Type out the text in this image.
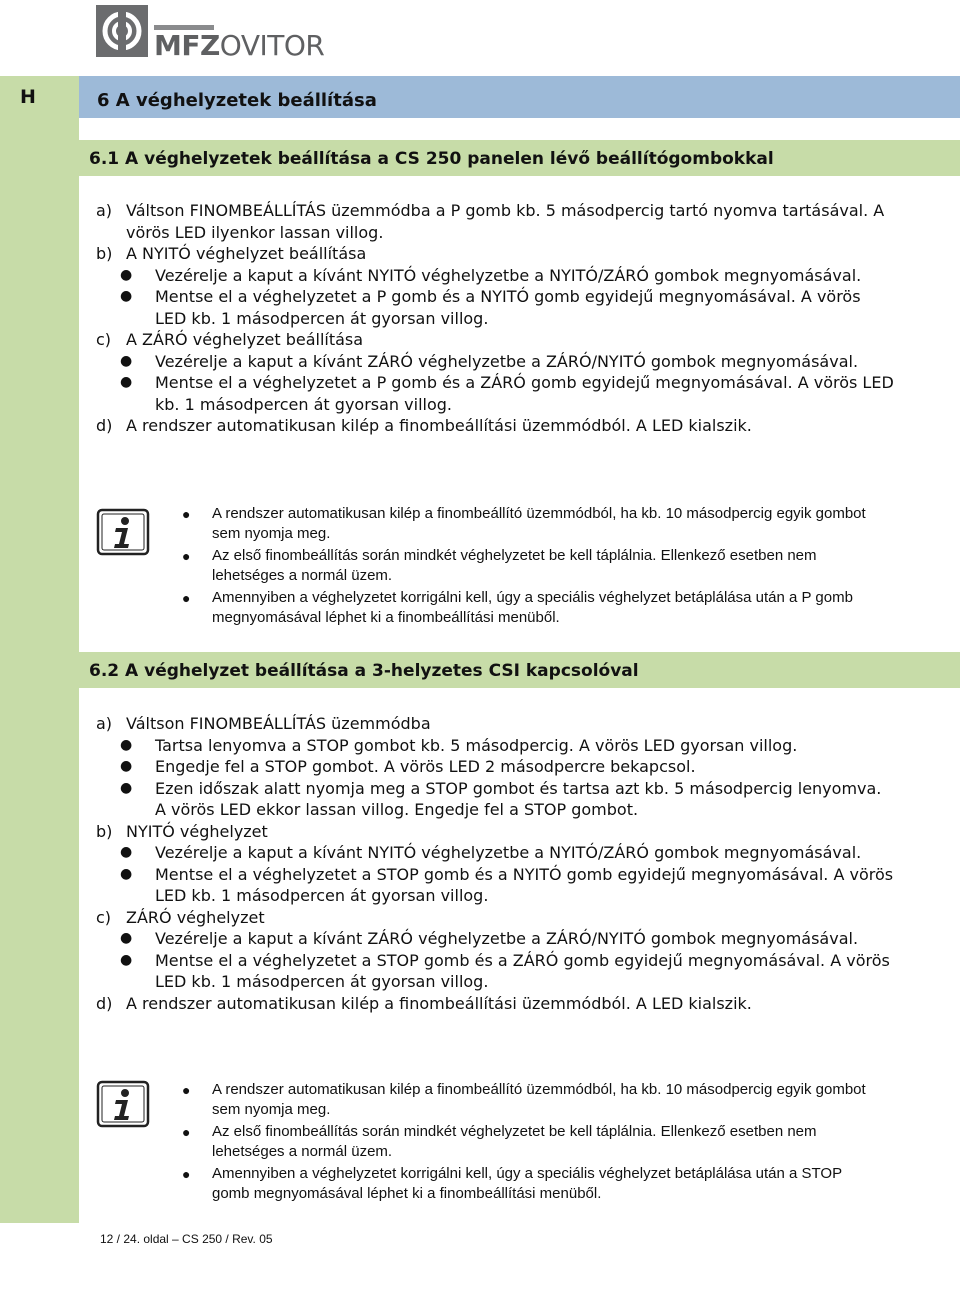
MFZOVITOR
H	6 A véghelyzetek beállítása
6.1 A véghelyzetek beállítása a CS 250 panelen lévő beállítógombokkal
a) Váltson FINOMBEÁLLÍTÁS üzemmódba a P gomb kb. 5 másodpercig tartó nyomva tartásával. A vörös LED ilyenkor lassan villog.
b) A NYITÓ véghelyzet beállítása
●	Vezérelje a kaput a kívánt NYITÓ véghelyzetbe a NYITÓ/ZÁRÓ gombok megnyomásával.
●	Mentse el a véghelyzetet a P gomb és a NYITÓ gomb egyidejű megnyomásával. A vörös LED kb. 1 másodpercen át gyorsan villog.
c) A ZÁRÓ véghelyzet beállítása
●	Vezérelje a kaput a kívánt ZÁRÓ véghelyzetbe a ZÁRÓ/NYITÓ gombok megnyomásával.
●	Mentse el a véghelyzetet a P gomb és a ZÁRÓ gomb egyidejű megnyomásával. A vörös LED kb. 1 másodpercen át gyorsan villog.
d) A rendszer automatikusan kilép a finombeállítási üzemmódból. A LED kialszik.
●	A rendszer automatikusan kilép a finombeállító üzemmódból, ha kb. 10 másodpercig egyik gombot sem nyomja meg.
●	Az első finombeállítás során mindkét véghelyzetet be kell táplálnia. Ellenkező esetben nem lehetséges a normál üzem.
●	Amennyiben a véghelyzetet korrigálni kell, úgy a speciális véghelyzet betáplálása után a P gomb megnyomásával léphet ki a finombeállítási menüből.
6.2 A véghelyzet beállítása a 3-helyzetes CSI kapcsolóval
a) Váltson FINOMBEÁLLÍTÁS üzemmódba
●	Tartsa lenyomva a STOP gombot kb. 5 másodpercig. A vörös LED gyorsan villog.
●	Engedje fel a STOP gombot. A vörös LED 2 másodpercre bekapcsol.
●	Ezen időszak alatt nyomja meg a STOP gombot és tartsa azt kb. 5 másodpercig lenyomva. A vörös LED ekkor lassan villog. Engedje fel a STOP gombot.
b) NYITÓ véghelyzet
●	Vezérelje a kaput a kívánt NYITÓ véghelyzetbe a NYITÓ/ZÁRÓ gombok megnyomásával.
●	Mentse el a véghelyzetet a STOP gomb és a NYITÓ gomb egyidejű megnyomásával. A vörös LED kb. 1 másodpercen át gyorsan villog.
c) ZÁRÓ véghelyzet
●	Vezérelje a kaput a kívánt ZÁRÓ véghelyzetbe a ZÁRÓ/NYITÓ gombok megnyomásával.
●	Mentse el a véghelyzetet a STOP gomb és a ZÁRÓ gomb egyidejű megnyomásával. A vörös LED kb. 1 másodpercen át gyorsan villog.
d) A rendszer automatikusan kilép a finombeállítási üzemmódból. A LED kialszik.
●	A rendszer automatikusan kilép a finombeállító üzemmódból, ha kb. 10 másodpercig egyik gombot sem nyomja meg.
●	Az első finombeállítás során mindkét véghelyzetet be kell táplálnia. Ellenkező esetben nem lehetséges a normál üzem.
●	Amennyiben a véghelyzetet korrigálni kell, úgy a speciális véghelyzet betáplálása után a STOP gomb megnyomásával léphet ki a finombeállítási menüből.
12 / 24. oldal – CS 250 / Rev. 05
